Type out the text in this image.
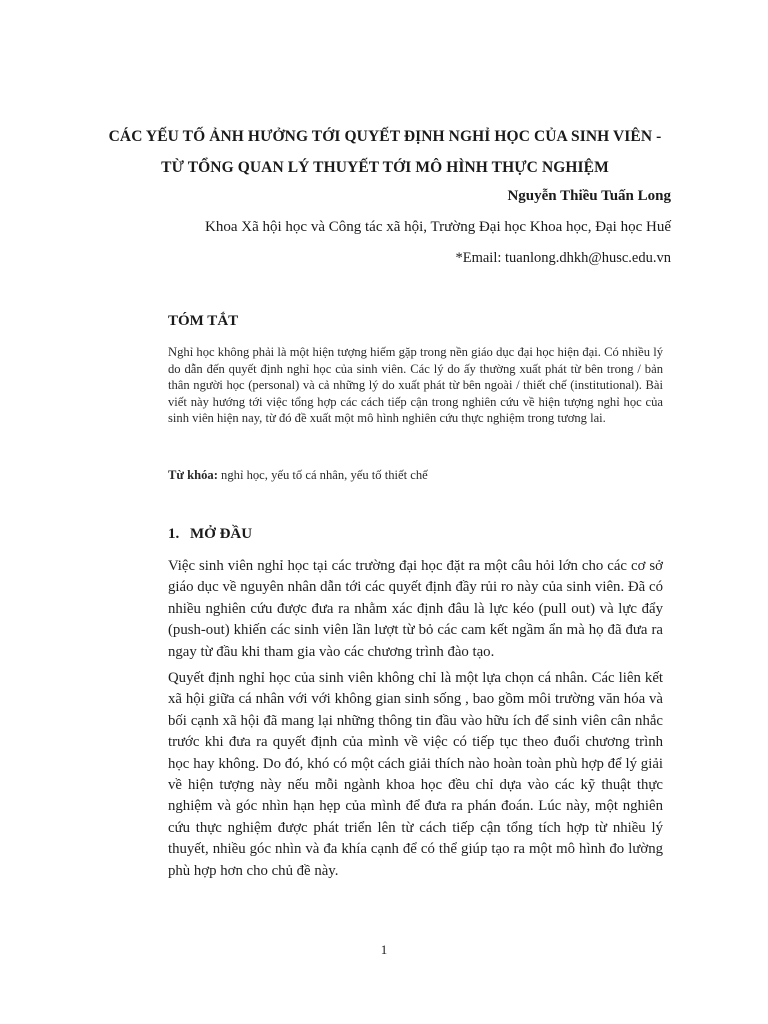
CÁC YẾU TỐ ẢNH HƯỞNG TỚI QUYẾT ĐỊNH NGHỈ HỌC CỦA SINH VIÊN -
TỪ TỔNG QUAN LÝ THUYẾT TỚI MÔ HÌNH THỰC NGHIỆM
Nguyễn Thiều Tuấn Long
Khoa Xã hội học và Công tác xã hội, Trường Đại học Khoa học, Đại học Huế
*Email: tuanlong.dhkh@husc.edu.vn
TÓM TẮT
Nghỉ học không phải là một hiện tượng hiếm gặp trong nền giáo dục đại học hiện đại. Có nhiều lý do dẫn đến quyết định nghỉ học của sinh viên. Các lý do ấy thường xuất phát từ bên trong / bản thân người học (personal) và cả những lý do xuất phát từ bên ngoài / thiết chế (institutional). Bài viết này hướng tới việc tổng hợp các cách tiếp cận trong nghiên cứu về hiện tượng nghỉ học của sinh viên hiện nay, từ đó đề xuất một mô hình nghiên cứu thực nghiệm trong tương lai.
Từ khóa: nghỉ học, yếu tố cá nhân, yếu tố thiết chế
1. MỞ ĐẦU
Việc sinh viên nghỉ học tại các trường đại học đặt ra một câu hỏi lớn cho các cơ sở giáo dục về nguyên nhân dẫn tới các quyết định đầy rủi ro này của sinh viên. Đã có nhiều nghiên cứu được đưa ra nhằm xác định đâu là lực kéo (pull out) và lực đẩy (push-out) khiến các sinh viên lần lượt từ bỏ các cam kết ngầm ẩn mà họ đã đưa ra ngay từ đầu khi tham gia vào các chương trình đào tạo.
Quyết định nghỉ học của sinh viên không chỉ là một lựa chọn cá nhân. Các liên kết xã hội giữa cá nhân với với không gian sinh sống , bao gồm môi trường văn hóa và bối cạnh xã hội đã mang lại những thông tin đầu vào hữu ích để sinh viên cân nhắc trước khi đưa ra quyết định của mình về việc có tiếp tục theo đuổi chương trình học hay không. Do đó, khó có một cách giải thích nào hoàn toàn phù hợp để lý giải về hiện tượng này nếu mỗi ngành khoa học đều chỉ dựa vào các kỹ thuật thực nghiệm và góc nhìn hạn hẹp của mình để đưa ra phán đoán. Lúc này, một nghiên cứu thực nghiệm được phát triển lên từ cách tiếp cận tổng tích hợp từ nhiều lý thuyết, nhiều góc nhìn và đa khía cạnh để có thể giúp tạo ra một mô hình đo lường phù hợp hơn cho chủ đề này.
1
